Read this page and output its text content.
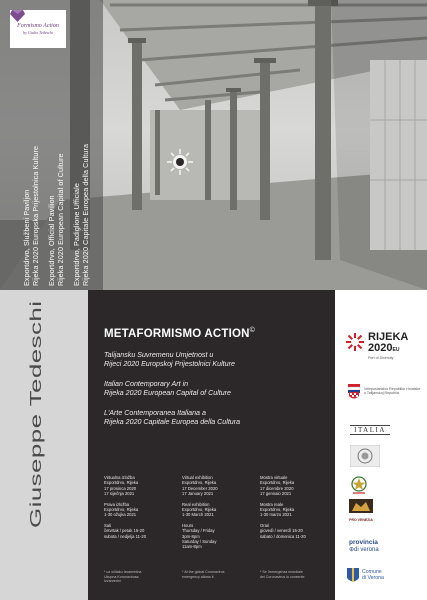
Formismo Action
by Giulio Tedeschi

Exportdrvo, Službeni Paviljon Rijeka 2020 Europska Prijestolnica Kulture Exportdrvo, Official Pavilion Rijeka 2020 European Capital of Culture Exportdrvo, Padiglione Ufficiale Rijeka 2020 Capitale Europea della Cultura

Giuseppe Tedeschi	METAFORMISMO ACTION©
Talijansku Suvremenu Umjetnost u
Rijeci 2020 Europskoj Prijestolnici Kulture
Italian Contemporary Art in
Rijeka 2020 European Capital of Culture
L'Arte Contemporanea Italiana a
Rijeka 2020 Capitale Europea della Cultura

Virtualna izložba
Exportdrvo, Rijeka
17 prosinca 2020
17 siječnja 2021

Prava izložba
Exportdrvo, Rijeka
1-30 ožujka 2021

Sati
četvrtak / petak 15-20
subota / nedjelja 11-20

* uz očitaku Izvanredna
Ukupna Koronavirusa
Izvanredni

Virtual exhibition
Exportdrvo, Rijeka
17 December 2020
17 January 2021

Real exhibition
Exportdrvo, Rijeka
1-30 March 2021

Hours
Thursday / Friday
3pm-8pm
Saturday / Sunday
11am-8pm

* At the global Coronavirus
emergency allows it

Mostra virtuale
Exportdrvo, Rijeka
17 dicembre 2020
17 gennaio 2021

Mostra reale
Exportdrvo, Rijeka
1-30 marzo 2021

Orari
giovedì / venerdì 15-20
sabato / domenica 11-20

* Se l'emergenza mondiale
del Coronavirus lo consente
RIJEKA
2020EU
Port of Diversity
Veleposlanstvo Republike Hrvatske
u Talijanskoj Republici
ITALIA
PRO VENEZIA
provincia
⊕di verona
Comune
di Verona
